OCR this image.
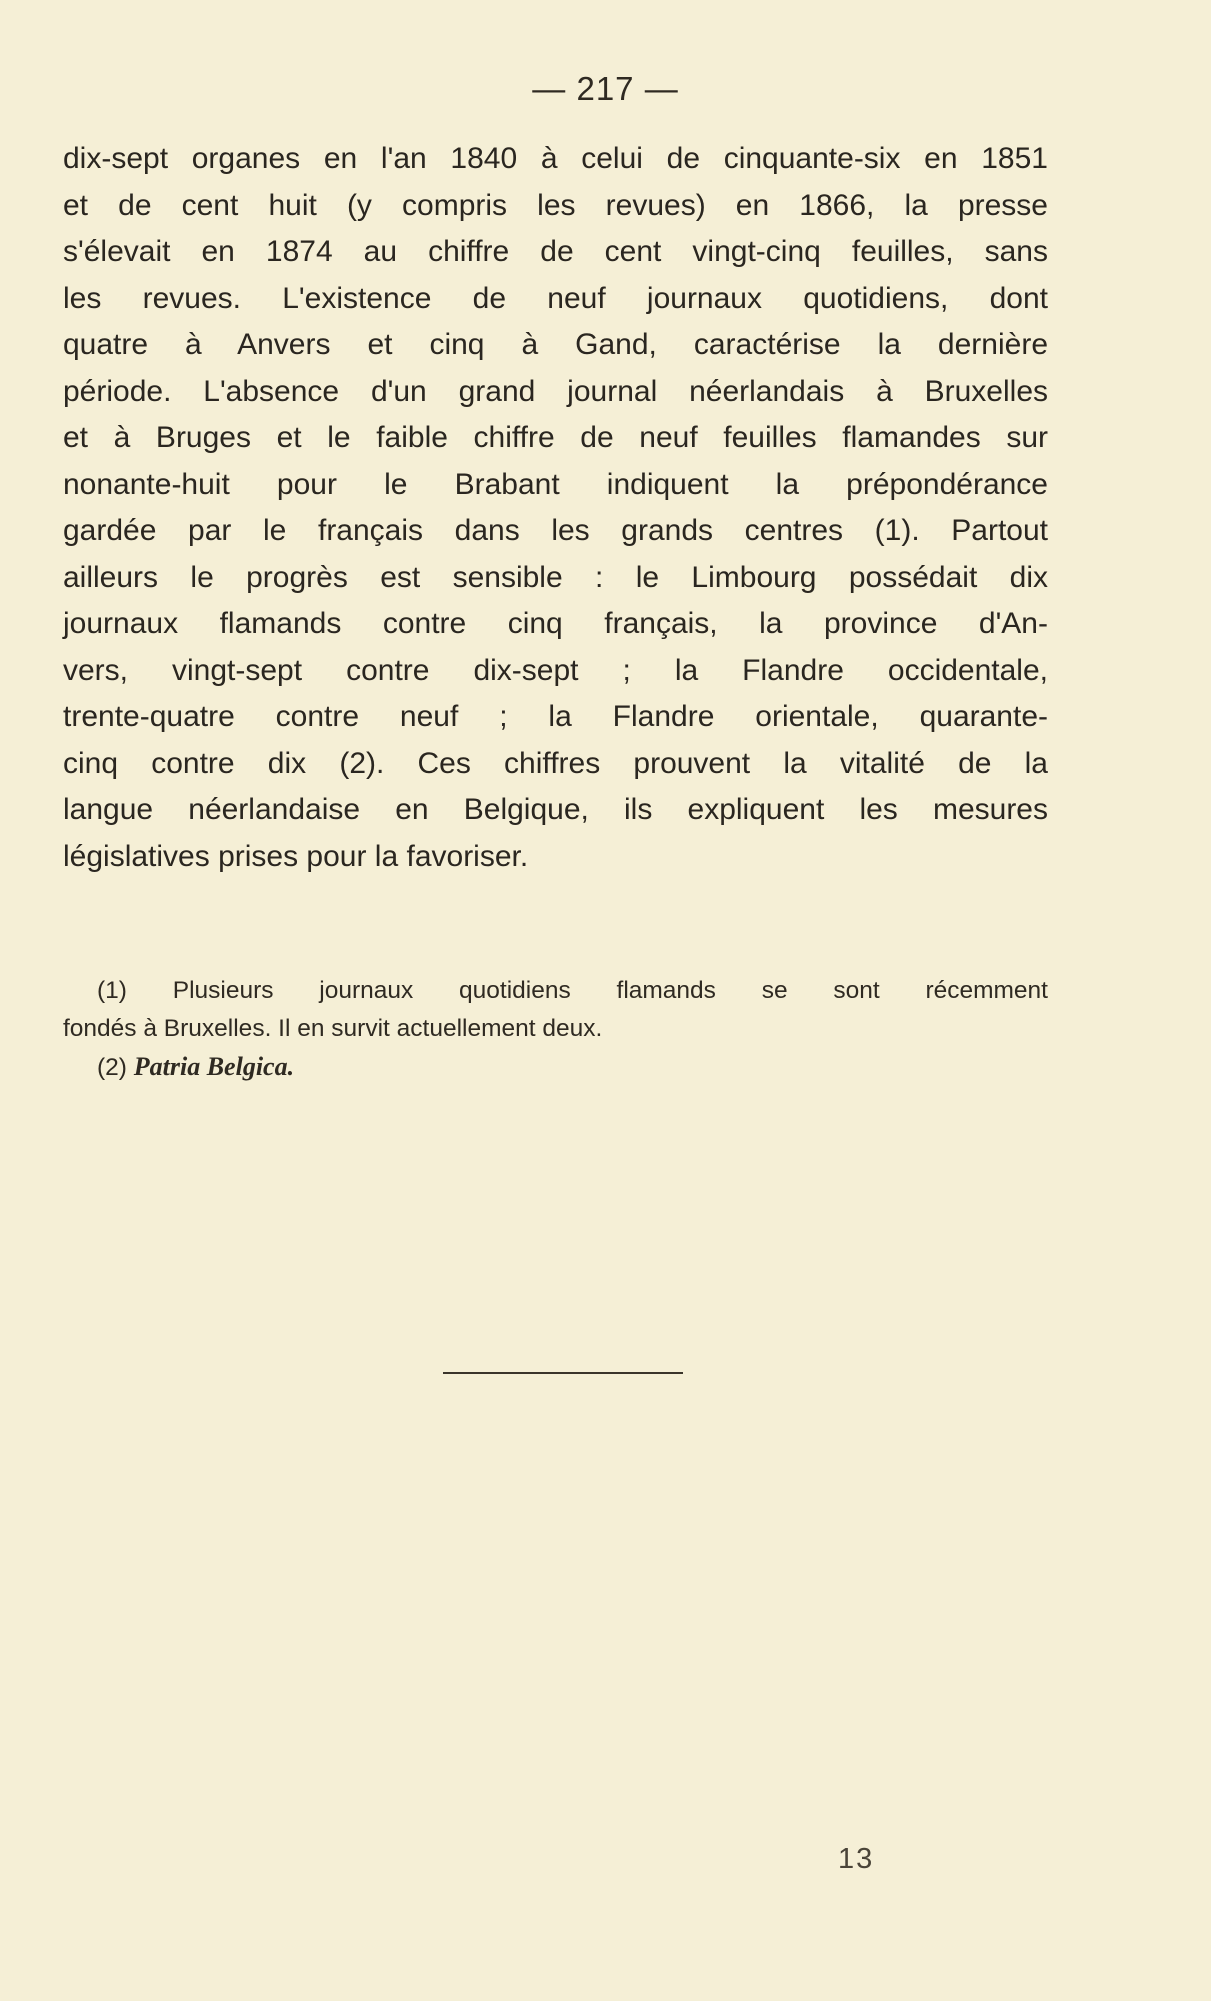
— 217 —
dix-sept organes en l'an 1840 à celui de cinquante-six en 1851
et de cent huit (y compris les revues) en 1866, la presse
s'élevait en 1874 au chiffre de cent vingt-cinq feuilles, sans
les revues. L'existence de neuf journaux quotidiens, dont
quatre à Anvers et cinq à Gand, caractérise la dernière
période. L'absence d'un grand journal néerlandais à Bruxelles
et à Bruges et le faible chiffre de neuf feuilles flamandes sur
nonante-huit pour le Brabant indiquent la prépondérance
gardée par le français dans les grands centres (1). Partout
ailleurs le progrès est sensible : le Limbourg possédait dix
journaux flamands contre cinq français, la province d'An-
vers, vingt-sept contre dix-sept ; la Flandre occidentale,
trente-quatre contre neuf ; la Flandre orientale, quarante-
cinq contre dix (2). Ces chiffres prouvent la vitalité de la
langue néerlandaise en Belgique, ils expliquent les mesures
législatives prises pour la favoriser.
(1) Plusieurs journaux quotidiens flamands se sont récemment
fondés à Bruxelles. Il en survit actuellement deux.
(2) Patria Belgica.
13
